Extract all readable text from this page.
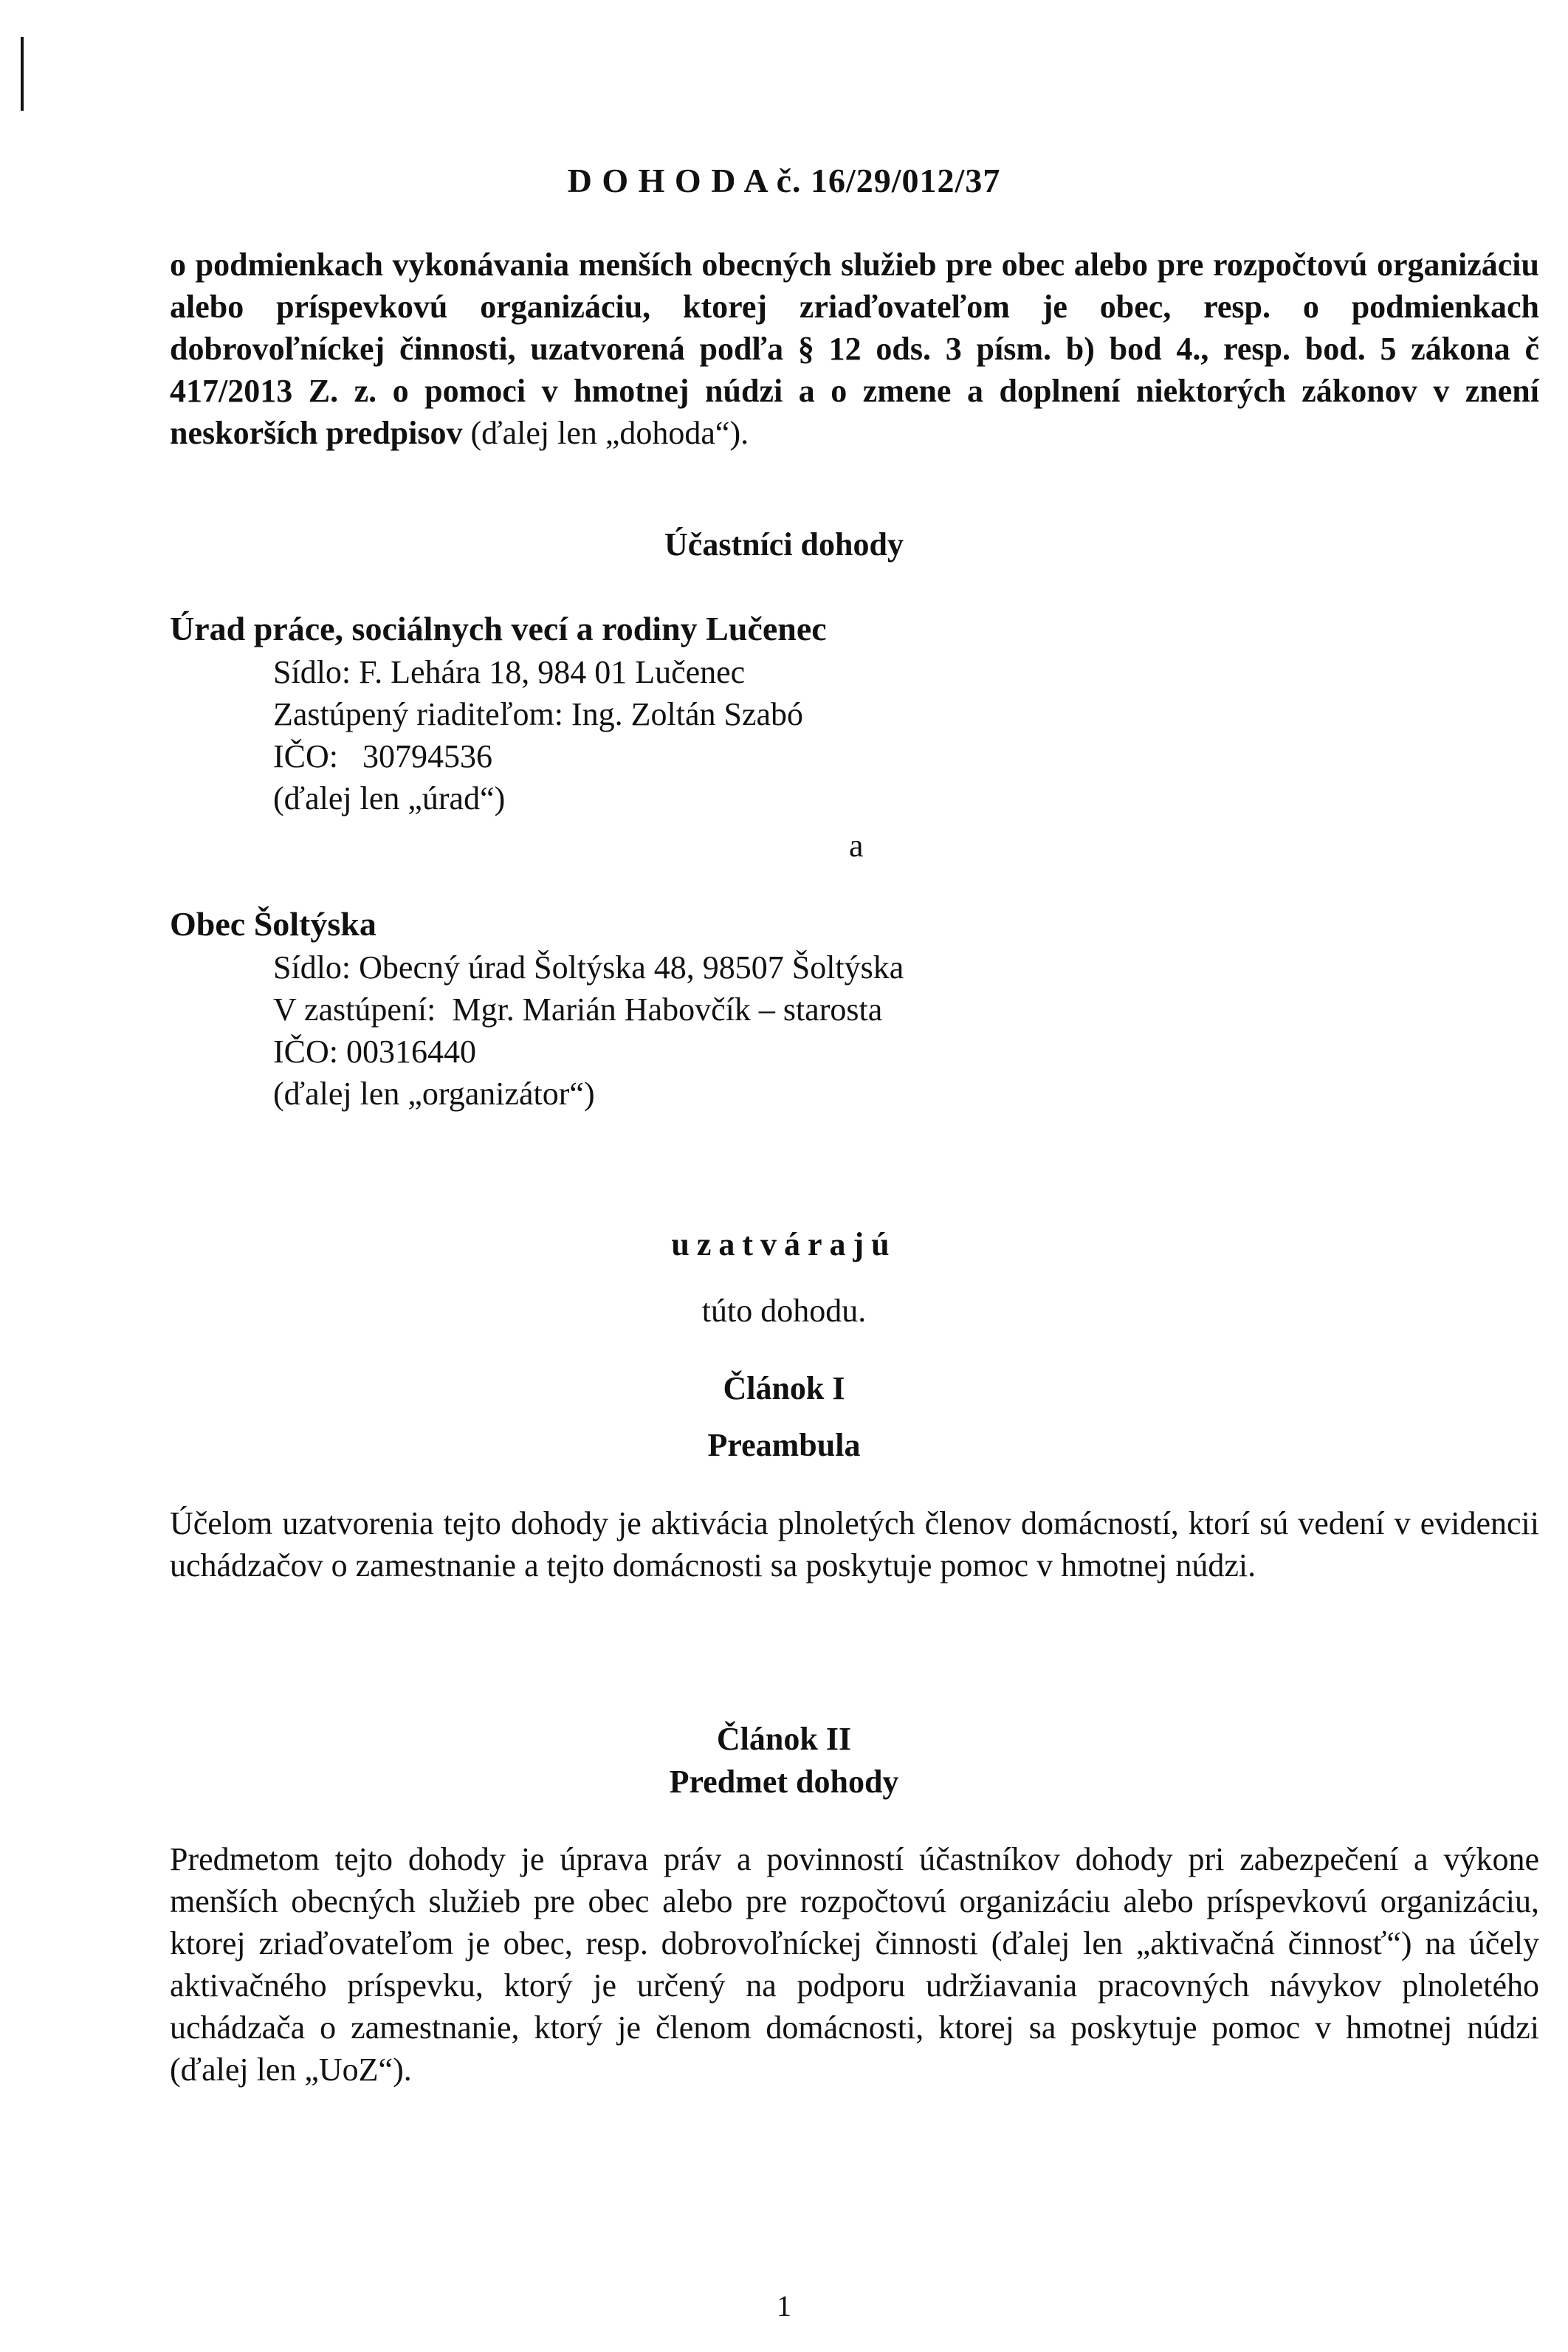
D O H O D A č. 16/29/012/37
o podmienkach vykonávania menších obecných služieb pre obec alebo pre rozpočtovú organizáciu alebo príspevkovú organizáciu, ktorej zriaďovateľom je obec, resp. o podmienkach dobrovoľníckej činnosti, uzatvorená podľa § 12 ods. 3 písm. b) bod 4., resp. bod. 5 zákona č 417/2013 Z. z. o pomoci v hmotnej núdzi a o zmene a doplnení niektorých zákonov v znení neskorších predpisov (ďalej len „dohoda“).
Účastníci dohody
Úrad práce, sociálnych vecí a rodiny Lučenec
Sídlo: F. Lehára 18, 984 01 Lučenec
Zastúpený riaditeľom: Ing. Zoltán Szabó
IČO:   30794536
(ďalej len „úrad“)
a
Obec Šoltýska
Sídlo: Obecný úrad Šoltýska 48, 98507 Šoltýska
V zastúpení:  Mgr. Marián Habovčík – starosta
IČO: 00316440
(ďalej len „organizátor“)
uzatvárajú
túto dohodu.
Článok I
Preambula
Účelom uzatvorenia tejto dohody je aktivácia plnoletých členov domácností, ktorí sú vedení v evidencii uchádzačov o zamestnanie a tejto domácnosti sa poskytuje pomoc v hmotnej núdzi.
Článok II
Predmet dohody
Predmetom tejto dohody je úprava práv a povinností účastníkov dohody pri zabezpečení a výkone menších obecných služieb pre obec alebo pre rozpočtovú organizáciu alebo príspevkovú organizáciu, ktorej zriaďovateľom je obec, resp. dobrovoľníckej činnosti (ďalej len „aktivačná činnosť“) na účely aktivačného príspevku, ktorý je určený na podporu udržiavania pracovných návykov plnoletého uchádzača o zamestnanie, ktorý je členom domácnosti, ktorej sa poskytuje pomoc v hmotnej núdzi (ďalej len „UoZ“).
1
